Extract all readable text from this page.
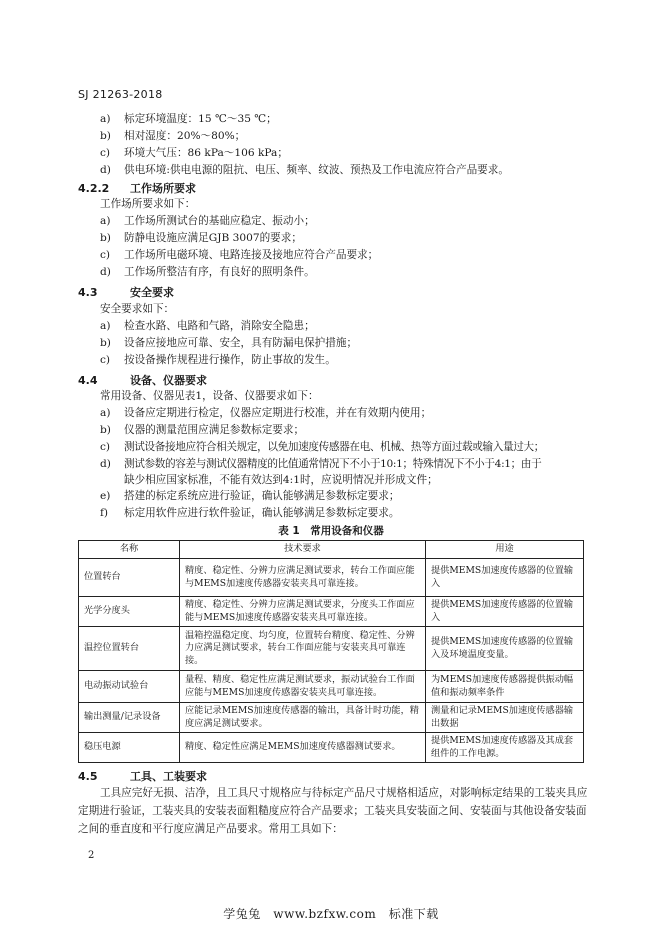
SJ 21263-2018
a)	标定环境温度：15 ℃～35 ℃；
b)	相对湿度：20%～80%；
c)	环境大气压：86 kPa～106 kPa；
d)	供电环境:供电电源的阻抗、电压、频率、纹波、预热及工作电流应符合产品要求。
4.2.2 工作场所要求
工作场所要求如下：
a)	工作场所测试台的基础应稳定、振动小；
b)	防静电设施应满足GJB 3007的要求；
c)	工作场所电磁环境、电路连接及接地应符合产品要求；
d)	工作场所整洁有序，有良好的照明条件。
4.3	安全要求
安全要求如下：
a)	检查水路、电路和气路，消除安全隐患；
b)	设备应接地应可靠、安全，具有防漏电保护措施；
c)	按设备操作规程进行操作，防止事故的发生。
4.4	设备、仪器要求
常用设备、仪器见表1，设备、仪器要求如下：
a)	设备应定期进行检定，仪器应定期进行校准，并在有效期内使用；
b)	仪器的测量范围应满足参数标定要求；
c)	测试设备接地应符合相关规定，以免加速度传感器在电、机械、热等方面过载或输入量过大；
d)	测试参数的容差与测试仪器精度的比值通常情况下不小于10:1；特殊情况下不小于4:1；由于
缺少相应国家标准，不能有效达到4:1时，应说明情况并形成文件；
表 1　常用设备和仪器
名称	技术要求	用途
位置转台	精度、稳定性、分辨力应满足测试要求，转台工作面应能与MEMS加速度传感器安装夹具可靠连接。	提供MEMS加速度传感器的位置输入
光学分度头	精度、稳定性、分辨力应满足测试要求，分度头工作面应能与MEMS加速度传感器安装夹具可靠连接。	提供MEMS加速度传感器的位置输入
温控位置转台	温箱控温稳定度、均匀度，位置转台精度、稳定性、分辨力应满足测试要求，转台工作面应能与安装夹具可靠连接。	提供MEMS加速度传感器的位置输入及环境温度变量。
电动振动试验台	量程、精度、稳定性应满足测试要求，振动试验台工作面应能与MEMS加速度传感器安装夹具可靠连接。	为MEMS加速度传感器提供振动幅值和振动频率条件
输出测量/记录设备	应能记录MEMS加速度传感器的输出，具备计时功能，精度应满足测试要求。	测量和记录MEMS加速度传感器输出数据
稳压电源	精度、稳定性应满足MEMS加速度传感器测试要求。	提供MEMS加速度传感器及其成套组件的工作电源。
4.5	工具、工装要求
工具应完好无损、洁净，且工具尺寸规格应与待标定产品尺寸规格相适应，对影响标定结果的工装夹具应定期进行验证，工装夹具的安装表面粗糙度应符合产品要求；工装夹具安装面之间、安装面与其他设备安装面之间的垂直度和平行度应满足产品要求。常用工具如下：
2
学兔兔　www.bzfxw.com　标准下载
e)	搭建的标定系统应进行验证，确认能够满足参数标定要求；
f)	标定用软件应进行软件验证，确认能够满足参数标定要求。
